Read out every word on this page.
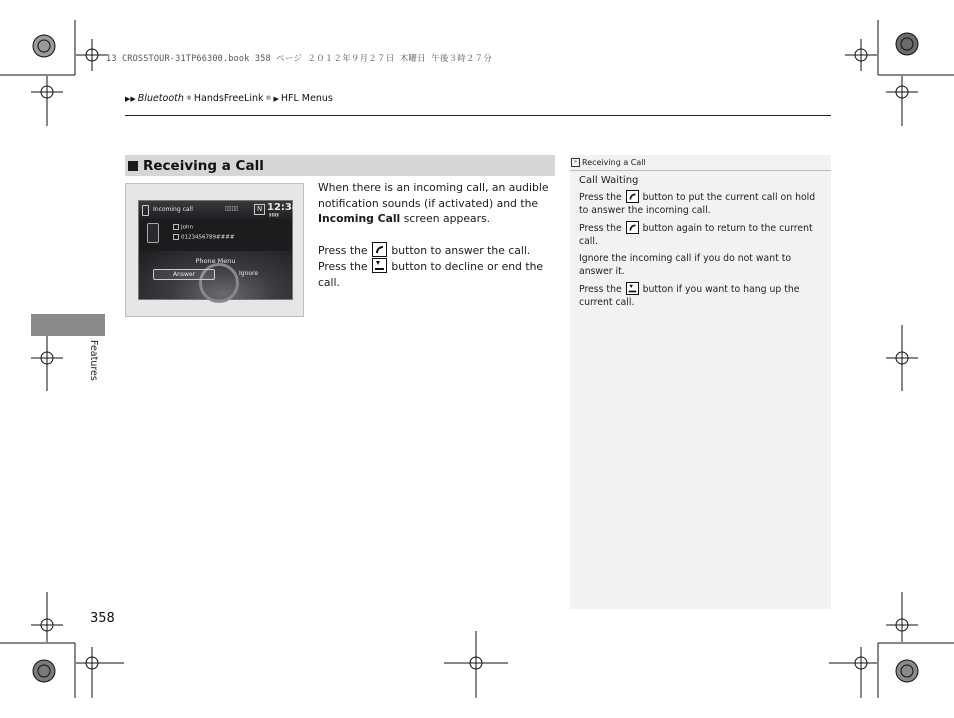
13 CROSSTOUR-31TP66300.book 358 ページ ２０１２年９月２７日 木曜日 午後３時２７分
▶▶ Bluetooth ® HandsFreeLink ® ▶ HFL Menus
Features
358
Receiving a Call
Incoming call	▯▯▯▯	N 12:34
▮▮▮▮
John
0123456789####
Phone Menu
Answer	Ignore

When there is an incoming call, an audible notification sounds (if activated) and the Incoming Call screen appears.

Press the
button to answer the call.

Press the
button to decline or end the call.

» Receiving a Call

Call Waiting

Press the
button to put the current call on hold to answer the incoming call.

Press the
button again to return to the current call.

Ignore the incoming call if you do not want to answer it.

Press the
button if you want to hang up the current call.
